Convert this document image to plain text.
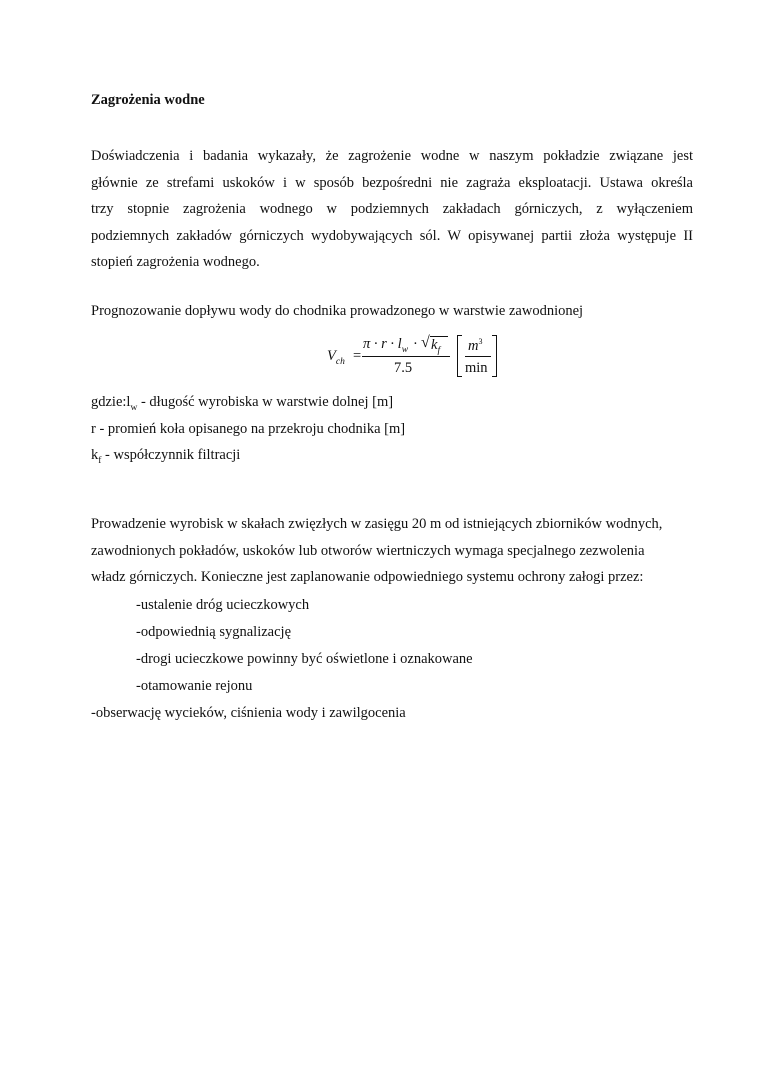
Zagrożenia wodne
Doświadczenia i badania wykazały, że zagrożenie wodne w naszym pokładzie związane jest
głównie ze strefami uskoków i w sposób bezpośredni nie zagraża eksploatacji. Ustawa określa
trzy stopnie zagrożenia wodnego w podziemnych zakładach górniczych, z wyłączeniem
podziemnych zakładów górniczych wydobywających sól. W opisywanej partii złoża występuje II
stopień zagrożenia wodnego.
Prognozowanie dopływu wody do chodnika prowadzonego w warstwie zawodnionej
$V_{ch}$ =
$\pi \cdot r \cdot l_w$ · √ $k_f$
7.5
$m^3$
min
$gdzie:l_w$ - długość wyrobiska w warstwie dolnej [m]
r - promień koła opisanego na przekroju chodnika [m]
$k_f$ - współczynnik filtracji
Prowadzenie wyrobisk w skałach zwięzłych w zasięgu 20 m od istniejących zbiorników wodnych,
zawodnionych pokładów, uskoków lub otworów wiertniczych wymaga specjalnego zezwolenia
władz górniczych. Konieczne jest zaplanowanie odpowiedniego systemu ochrony załogi przez:
-ustalenie dróg ucieczkowych
-odpowiednią sygnalizację
-drogi ucieczkowe powinny być oświetlone i oznakowane
-otamowanie rejonu
-obserwację wycieków, ciśnienia wody i zawilgocenia
